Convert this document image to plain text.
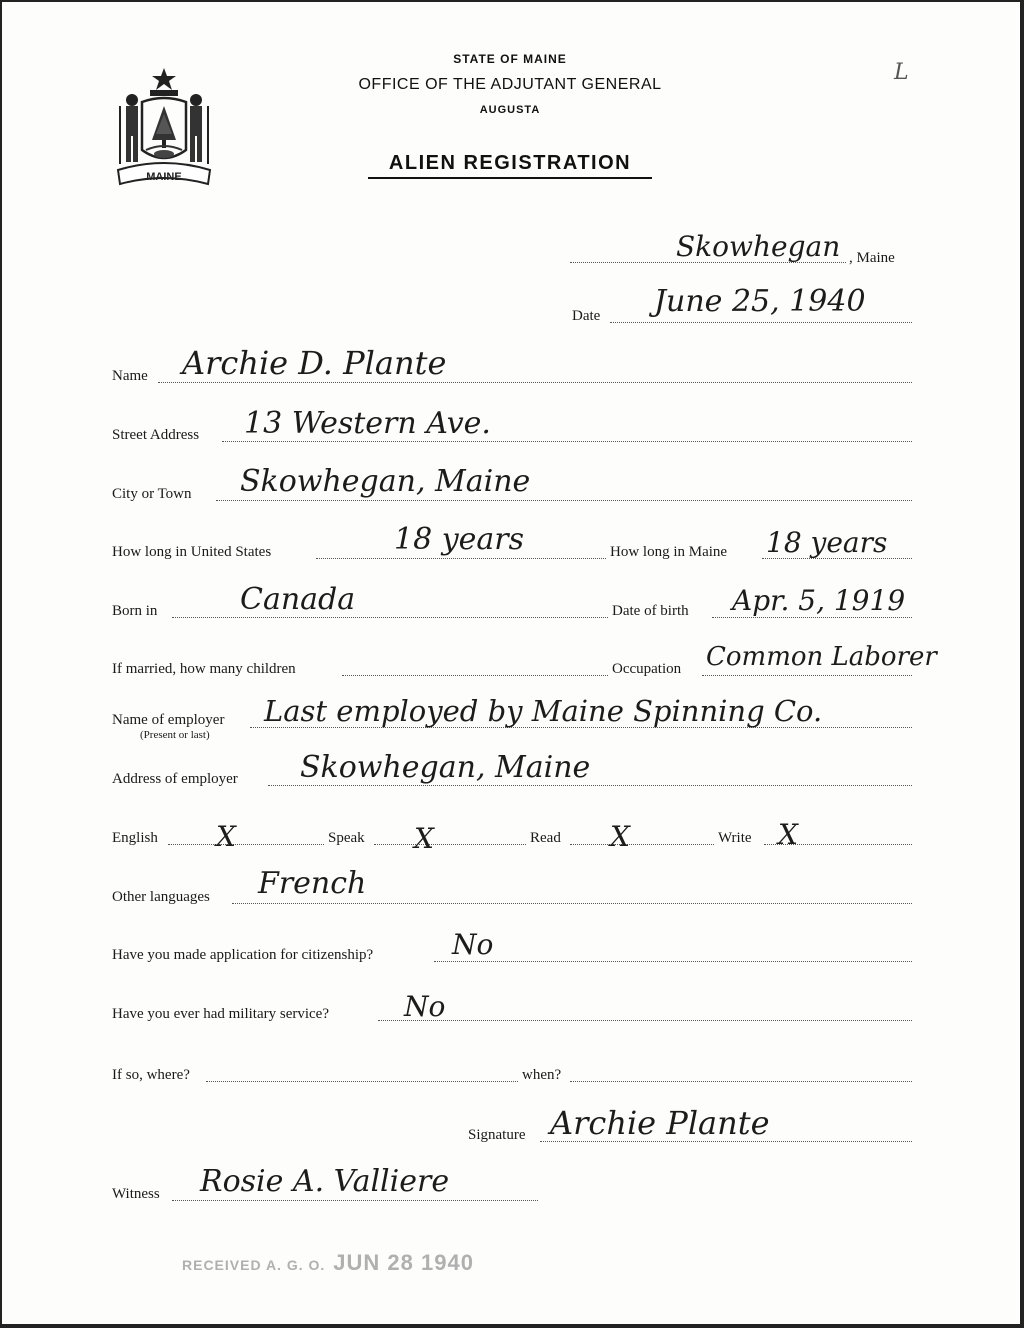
MAINE
STATE OF MAINE
OFFICE OF THE ADJUTANT GENERAL
AUGUSTA
ALIEN REGISTRATION
L
Skowhegan , Maine
Date June 25, 1940
Name Archie D. Plante
Street Address 13 Western Ave.
City or Town Skowhegan, Maine
How long in United States	18 years	How long in Maine 18 years
Born in	Canada	Date of birth Apr. 5, 1919
If married, how many children	Occupation Common Laborer
Name of employer
(Present or last)
Last employed by Maine Spinning Co.
Address of employer Skowhegan, Maine
English X	Speak X	Read X	Write X
Other languages French
Have you made application for citizenship?	No
Have you ever had military service?	No
If so, where?	when?
Signature Archie Plante
Witness Rosie A. Valliere
RECEIVED A. G. O. JUN 28 1940
